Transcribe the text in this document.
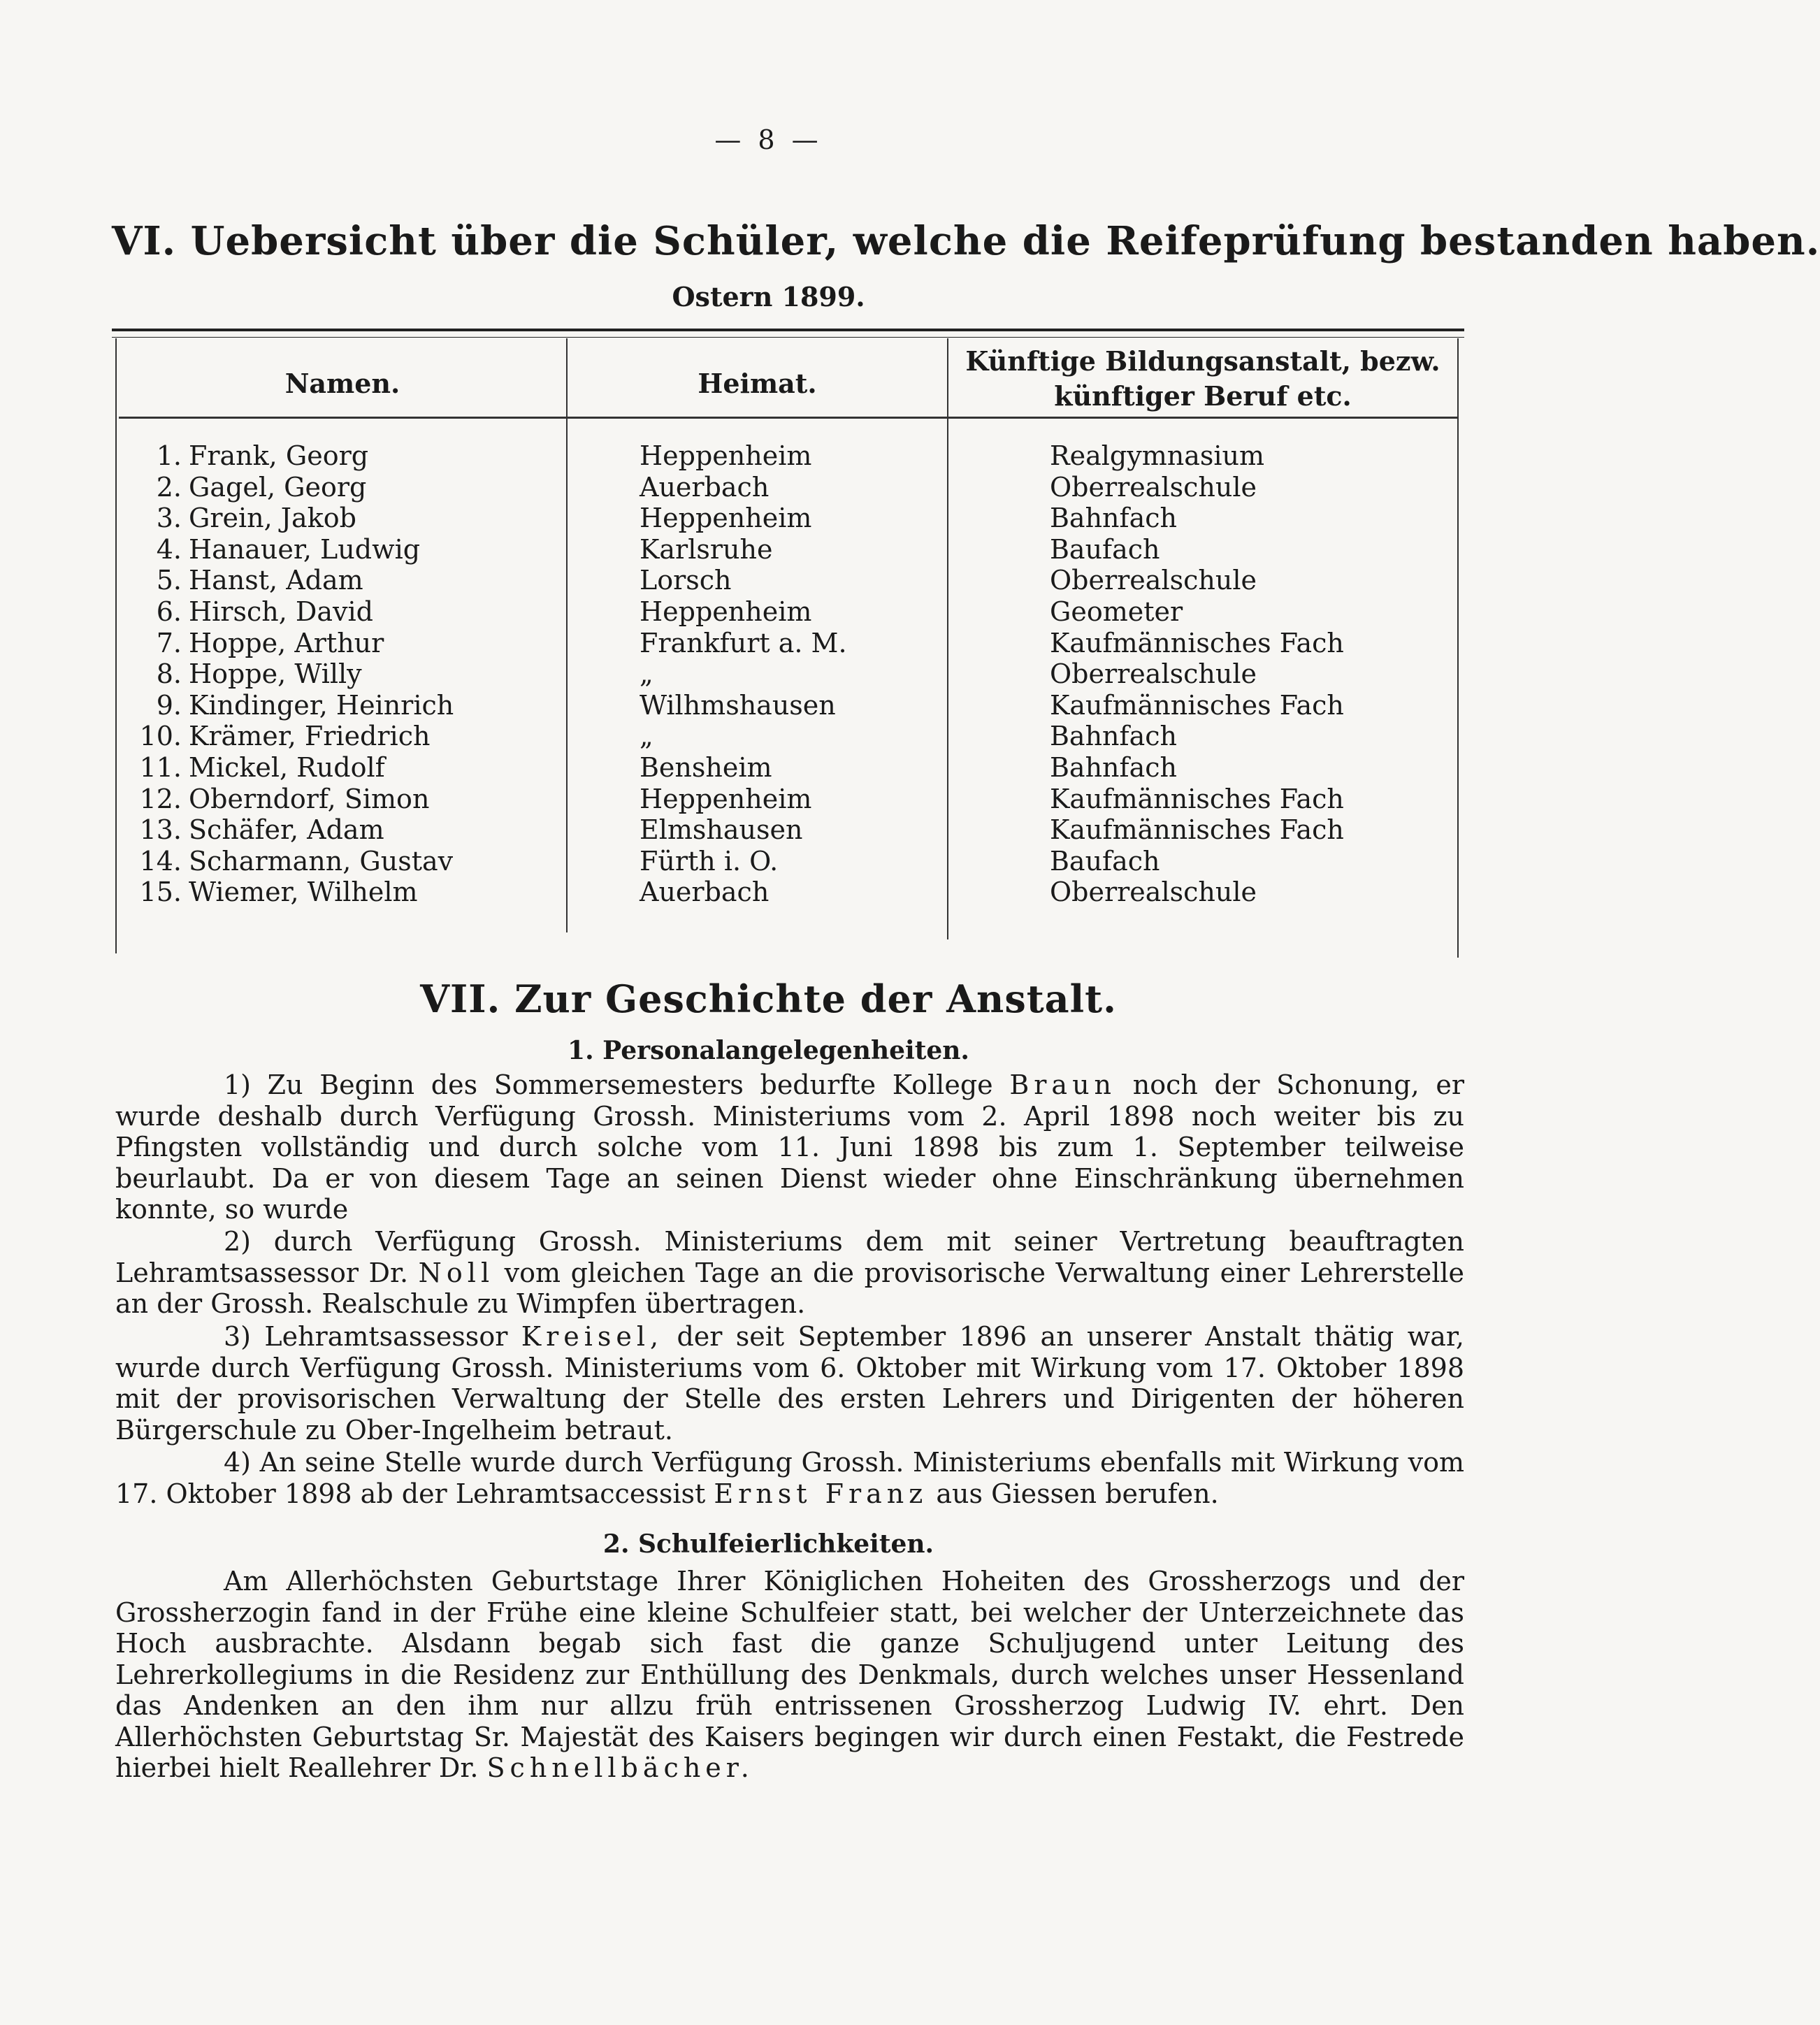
— 8 —
VI. Uebersicht über die Schüler, welche die Reifeprüfung bestanden haben.
Ostern 1899.
Namen.	Heimat.
Künftige Bildungsanstalt, bezw.
künftiger Beruf etc.
1. Frank, Georg	Heppenheim	Realgymnasium
2. Gagel, Georg	Auerbach	Oberrealschule
3. Grein, Jakob	Heppenheim	Bahnfach
4. Hanauer, Ludwig	Karlsruhe	Baufach
5. Hanst, Adam	Lorsch	Oberrealschule
6. Hirsch, David	Heppenheim	Geometer
7. Hoppe, Arthur	Frankfurt a. M.	Kaufmännisches Fach
8. Hoppe, Willy	„	Oberrealschule
9. Kindinger, Heinrich	Wilhmshausen	Kaufmännisches Fach
10. Krämer, Friedrich	„	Bahnfach
11. Mickel, Rudolf	Bensheim	Bahnfach
12. Oberndorf, Simon	Heppenheim	Kaufmännisches Fach
13. Schäfer, Adam	Elmshausen	Kaufmännisches Fach
14. Scharmann, Gustav	Fürth i. O.	Baufach
15. Wiemer, Wilhelm	Auerbach	Oberrealschule
VII. Zur Geschichte der Anstalt.
1. Personalangelegenheiten.
1) Zu Beginn des Sommersemesters bedurfte Kollege Braun noch der Schonung, er wurde deshalb durch Verfügung Grossh. Ministeriums vom 2. April 1898 noch weiter bis zu Pfingsten vollständig und durch solche vom 11. Juni 1898 bis zum 1. September teilweise beurlaubt. Da er von diesem Tage an seinen Dienst wieder ohne Einschränkung übernehmen konnte, so wurde
2) durch Verfügung Grossh. Ministeriums dem mit seiner Vertretung beauftragten Lehramtsassessor Dr. Noll vom gleichen Tage an die provisorische Verwaltung einer Lehrerstelle an der Grossh. Realschule zu Wimpfen übertragen.
3) Lehramtsassessor Kreisel, der seit September 1896 an unserer Anstalt thätig war, wurde durch Verfügung Grossh. Ministeriums vom 6. Oktober mit Wirkung vom 17. Oktober 1898 mit der provisorischen Verwaltung der Stelle des ersten Lehrers und Dirigenten der höheren Bürgerschule zu Ober-Ingelheim betraut.
4) An seine Stelle wurde durch Verfügung Grossh. Ministeriums ebenfalls mit Wirkung vom 17. Oktober 1898 ab der Lehramtsaccessist Ernst Franz aus Giessen berufen.
2. Schulfeierlichkeiten.
Am Allerhöchsten Geburtstage Ihrer Königlichen Hoheiten des Grossherzogs und der Grossherzogin fand in der Frühe eine kleine Schulfeier statt, bei welcher der Unterzeichnete das Hoch ausbrachte. Alsdann begab sich fast die ganze Schuljugend unter Leitung des Lehrerkollegiums in die Residenz zur Enthüllung des Denkmals, durch welches unser Hessenland das Andenken an den ihm nur allzu früh entrissenen Grossherzog Ludwig IV. ehrt. Den Allerhöchsten Geburtstag Sr. Majestät des Kaisers begingen wir durch einen Festakt, die Festrede hierbei hielt Reallehrer Dr. Schnellbächer.
